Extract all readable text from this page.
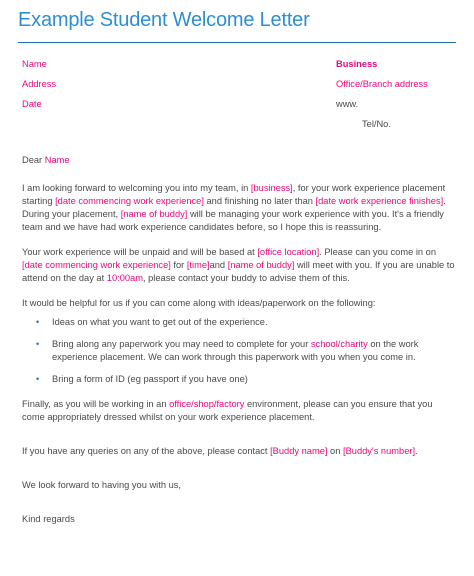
Example Student Welcome Letter
Name
Address
Date
Business
Office/Branch address
www.
Tel/No.

Dear Name

I am looking forward to welcoming you into my team, in [business], for your work experience placement starting [date commencing work experience] and finishing no later than [date work experience finishes]. During your placement, [name of buddy] will be managing your work experience with you. It's a friendly team and we have had work experience candidates before, so I hope this is reassuring.

Your work experience will be unpaid and will be based at [office location]. Please can you come in on [date commencing work experience] for [time]and [name of buddy] will meet with you. If you are unable to attend on the day at 10:00am, please contact your buddy to advise them of this.

It would be helpful for us if you can come along with ideas/paperwork on the following:

• Ideas on what you want to get out of the experience.
• Bring along any paperwork you may need to complete for your school/charity on the work experience placement. We can work through this paperwork with you when you come in.
• Bring a form of ID (eg passport if you have one)

Finally, as you will be working in an office/shop/factory environment, please can you ensure that you come appropriately dressed whilst on your work experience placement.

If you have any queries on any of the above, please contact [Buddy name] on [Buddy's number].

We look forward to having you with us,

Kind regards
